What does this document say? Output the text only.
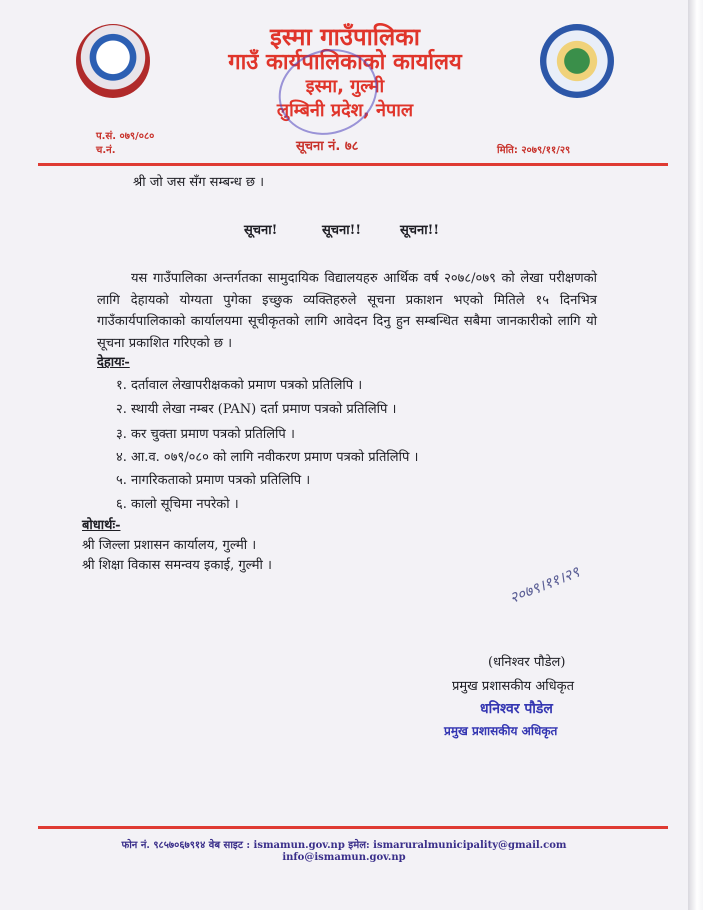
इस्मा गाउँपालिका
गाउँ कार्यपालिकाको कार्यालय
इस्मा, गुल्मी
लुम्बिनी प्रदेश, नेपाल
प.सं. ०७९/०८०
च.नं.	सूचना नं. ७८	मिति: २०७९/११/२९
श्री जो जस सँग सम्बन्ध छ ।
सूचना!	सूचना!!	सूचना!!
यस गाउँपालिका अन्तर्गतका सामुदायिक विद्यालयहरु आर्थिक वर्ष २०७८/०७९ को लेखा परीक्षणको लागि देहायको योग्यता पुगेका इच्छुक व्यक्तिहरुले सूचना प्रकाशन भएको मितिले १५ दिनभित्र गाउँकार्यपालिकाको कार्यालयमा सूचीकृतको लागि आवेदन दिनु हुन सम्बन्धित सबैमा जानकारीको लागि यो सूचना प्रकाशित गरिएको छ ।
देहायः-
१. दर्तावाल लेखापरीक्षकको प्रमाण पत्रको प्रतिलिपि ।
२. स्थायी लेखा नम्बर (PAN) दर्ता प्रमाण पत्रको प्रतिलिपि ।
३. कर चुक्ता प्रमाण पत्रको प्रतिलिपि ।
४. आ.व. ०७९/०८० को लागि नवीकरण प्रमाण पत्रको प्रतिलिपि ।
५. नागरिकताको प्रमाण पत्रको प्रतिलिपि ।
६. कालो सूचिमा नपरेको ।
बोधार्थः-
श्री जिल्ला प्रशासन कार्यालय, गुल्मी ।
श्री शिक्षा विकास समन्वय इकाई, गुल्मी ।	२०७९।११।२९
(धनिश्वर पौडेल)
प्रमुख प्रशासकीय अधिकृत
धनिश्वर पौडेल
प्रमुख प्रशासकीय अधिकृत
फोन नं. ९८५७०६७९१४ वेब साइट : ismamun.gov.np इमेल: ismaruralmunicipality@gmail.com
info@ismamun.gov.np
